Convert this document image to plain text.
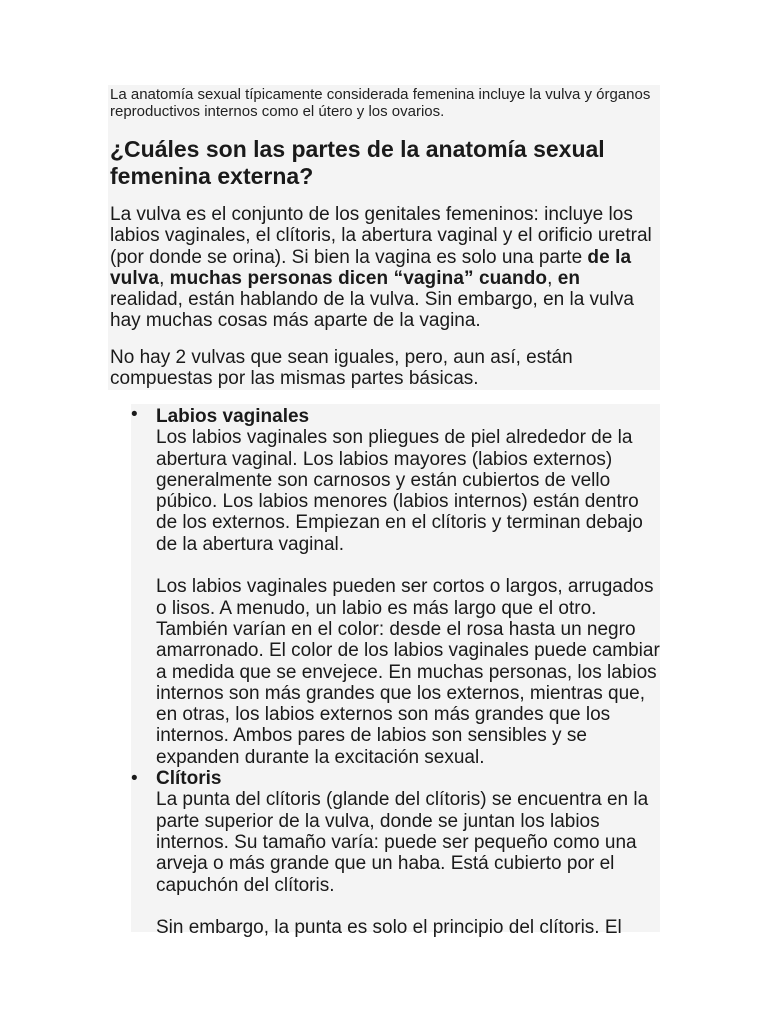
La anatomía sexual típicamente considerada femenina incluye la vulva y órganos reproductivos internos como el útero y los ovarios.

¿Cuáles son las partes de la anatomía sexual femenina externa?

La vulva es el conjunto de los genitales femeninos: incluye los labios vaginales, el clítoris, la abertura vaginal y el orificio uretral (por donde se orina). Si bien la vagina es solo una parte de la vulva, muchas personas dicen “vagina” cuando, en realidad, están hablando de la vulva. Sin embargo, en la vulva hay muchas cosas más aparte de la vagina.

No hay 2 vulvas que sean iguales, pero, aun así, están compuestas por las mismas partes básicas.

• Labios vaginales

Los labios vaginales son pliegues de piel alrededor de la abertura vaginal. Los labios mayores (labios externos) generalmente son carnosos y están cubiertos de vello púbico. Los labios menores (labios internos) están dentro de los externos. Empiezan en el clítoris y terminan debajo de la abertura vaginal.

Los labios vaginales pueden ser cortos o largos, arrugados o lisos. A menudo, un labio es más largo que el otro. También varían en el color: desde el rosa hasta un negro amarronado. El color de los labios vaginales puede cambiar a medida que se envejece. En muchas personas, los labios internos son más grandes que los externos, mientras que, en otras, los labios externos son más grandes que los internos. Ambos pares de labios son sensibles y se expanden durante la excitación sexual.

• Clítoris

La punta del clítoris (glande del clítoris) se encuentra en la parte superior de la vulva, donde se juntan los labios internos. Su tamaño varía: puede ser pequeño como una arveja o más grande que un haba. Está cubierto por el capuchón del clítoris.

Sin embargo, la punta es solo el principio del clítoris. El
